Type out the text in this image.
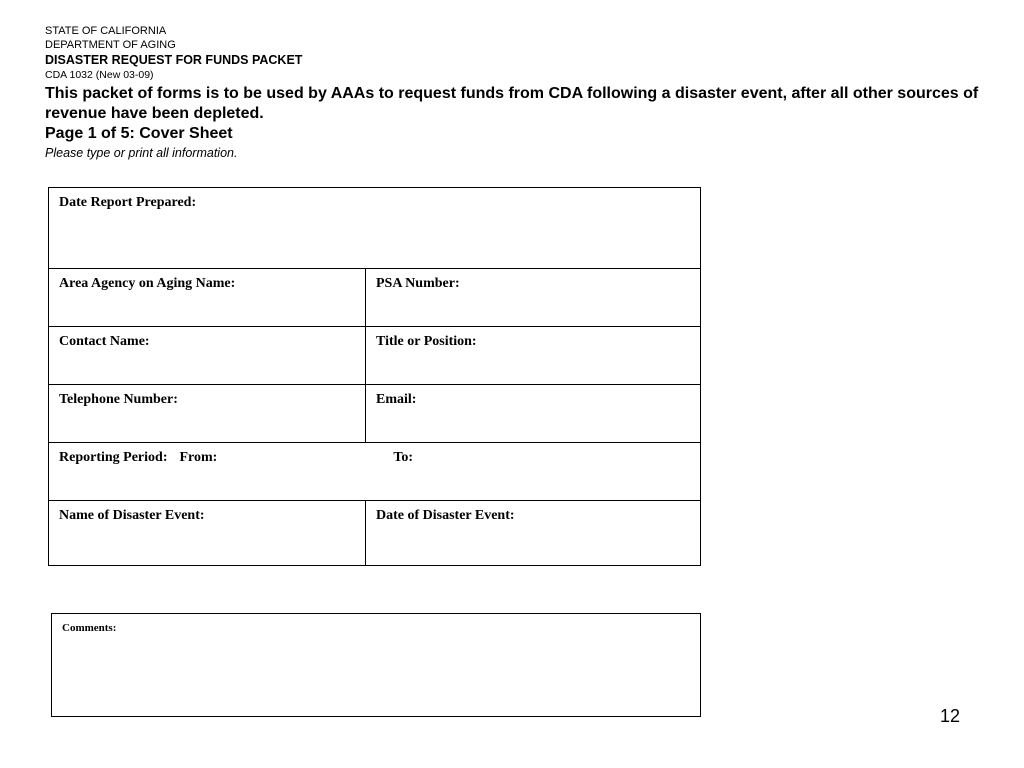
STATE OF CALIFORNIA
DEPARTMENT OF AGING
DISASTER REQUEST FOR FUNDS PACKET
CDA 1032 (New 03-09)
This packet of forms is to be used by AAAs to request funds from CDA following a disaster event, after all other sources of revenue have been depleted.
Page 1 of 5: Cover Sheet
Please type or print all information.
Date Report Prepared:	
Area Agency on Aging Name:	PSA Number:
Contact Name:	Title or Position:
Telephone Number:	Email:
Reporting Period: From: To:	
Name of Disaster Event:	Date of Disaster Event:
Comments:
12
